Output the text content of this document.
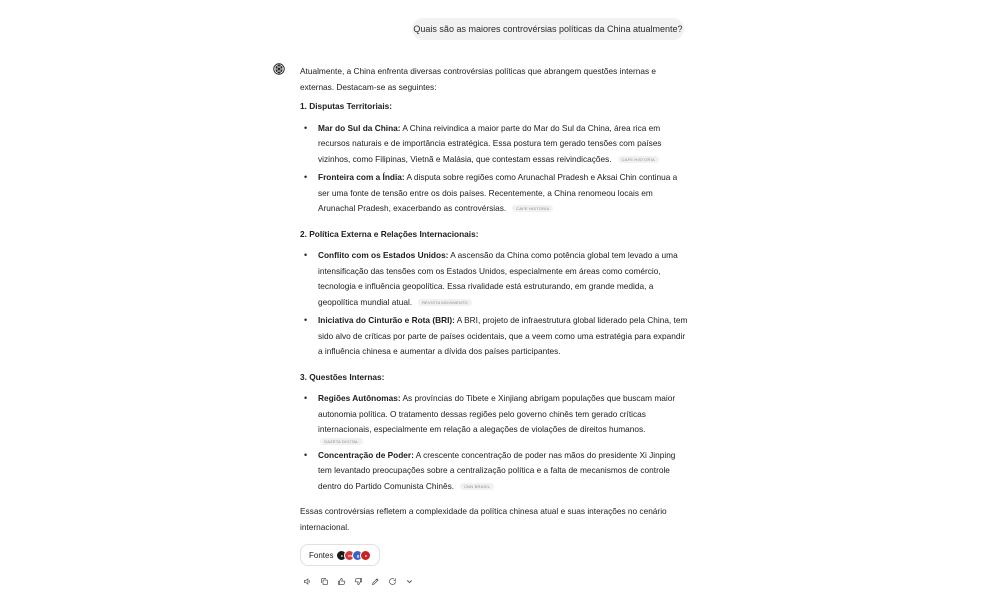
Quais são as maiores controvérsias políticas da China atualmente?

Atualmente, a China enfrenta diversas controvérsias políticas que abrangem questões internas e externas. Destacam-se as seguintes:

1. Disputas Territoriais:
• Mar do Sul da China: A China reivindica a maior parte do Mar do Sul da China, área rica em recursos naturais e de importância estratégica. Essa postura tem gerado tensões com países vizinhos, como Filipinas, Vietnã e Malásia, que contestam essas reivindicações.	CAFE HISTORIA
• Fronteira com a Índia: A disputa sobre regiões como Arunachal Pradesh e Aksai Chin continua a ser uma fonte de tensão entre os dois países. Recentemente, a China renomeou locais em Arunachal Pradesh, exacerbando as controvérsias.	CAFE HISTORIA
2. Política Externa e Relações Internacionais:
• Conflito com os Estados Unidos: A ascensão da China como potência global tem levado a uma intensificação das tensões com os Estados Unidos, especialmente em áreas como comércio, tecnologia e influência geopolítica. Essa rivalidade está estruturando, em grande medida, a geopolítica mundial atual.	REVISTA MOVIMENTO
• Iniciativa do Cinturão e Rota (BRI): A BRI, projeto de infraestrutura global liderado pela China, tem sido alvo de críticas por parte de países ocidentais, que a veem como uma estratégia para expandir a influência chinesa e aumentar a dívida dos países participantes.
3. Questões Internas:
• Regiões Autônomas: As províncias do Tibete e Xinjiang abrigam populações que buscam maior autonomia política. O tratamento dessas regiões pelo governo chinês tem gerado críticas internacionais, especialmente em relação a alegações de violações de direitos humanos.
GAZETA DIGITAL
• Concentração de Poder: A crescente concentração de poder nas mãos do presidente Xi Jinping tem levantado preocupações sobre a centralização política e a falta de mecanismos de controle dentro do Partido Comunista Chinês.	CNN BRASIL

Essas controvérsias refletem a complexidade da política chinesa atual e suas interações no cenário internacional.

Fontes	c	m	g	c
